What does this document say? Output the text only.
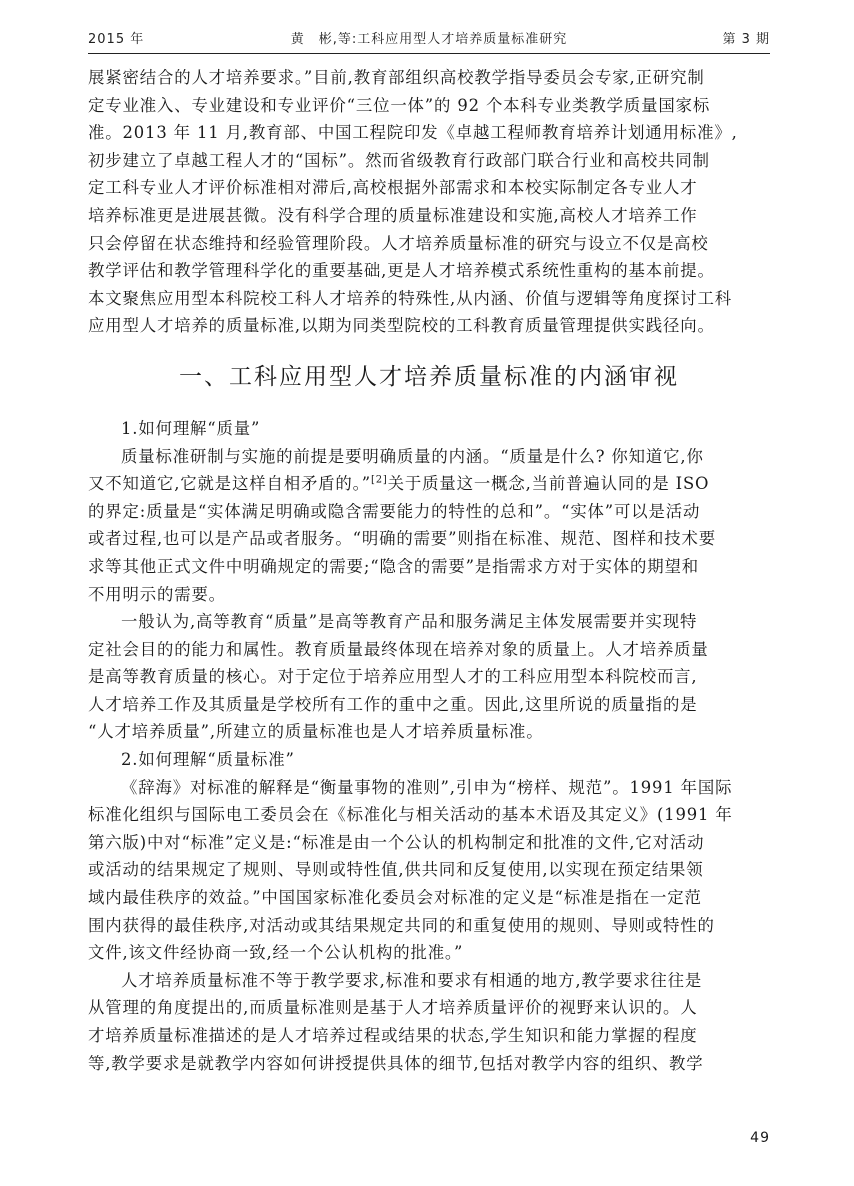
2015 年	黄　彬,等:工科应用型人才培养质量标准研究	第 3 期
展紧密结合的人才培养要求。”目前,教育部组织高校教学指导委员会专家,正研究制
定专业准入、专业建设和专业评价“三位一体”的 92 个本科专业类教学质量国家标
准。2013 年 11 月,教育部、中国工程院印发《卓越工程师教育培养计划通用标准》,
初步建立了卓越工程人才的“国标”。然而省级教育行政部门联合行业和高校共同制
定工科专业人才评价标准相对滞后,高校根据外部需求和本校实际制定各专业人才
培养标准更是进展甚微。没有科学合理的质量标准建设和实施,高校人才培养工作
只会停留在状态维持和经验管理阶段。人才培养质量标准的研究与设立不仅是高校
教学评估和教学管理科学化的重要基础,更是人才培养模式系统性重构的基本前提。
本文聚焦应用型本科院校工科人才培养的特殊性,从内涵、价值与逻辑等角度探讨工科
应用型人才培养的质量标准,以期为同类型院校的工科教育质量管理提供实践径向。
一、工科应用型人才培养质量标准的内涵审视
1.如何理解“质量”
质量标准研制与实施的前提是要明确质量的内涵。“质量是什么? 你知道它,你
又不知道它,它就是这样自相矛盾的。”[2]关于质量这一概念,当前普遍认同的是 ISO
的界定:质量是“实体满足明确或隐含需要能力的特性的总和”。“实体”可以是活动
或者过程,也可以是产品或者服务。“明确的需要”则指在标准、规范、图样和技术要
求等其他正式文件中明确规定的需要;“隐含的需要”是指需求方对于实体的期望和
不用明示的需要。
一般认为,高等教育“质量”是高等教育产品和服务满足主体发展需要并实现特
定社会目的的能力和属性。教育质量最终体现在培养对象的质量上。人才培养质量
是高等教育质量的核心。对于定位于培养应用型人才的工科应用型本科院校而言,
人才培养工作及其质量是学校所有工作的重中之重。因此,这里所说的质量指的是
“人才培养质量”,所建立的质量标准也是人才培养质量标准。
2.如何理解“质量标准”
《辞海》对标准的解释是“衡量事物的准则”,引申为“榜样、规范”。1991 年国际
标准化组织与国际电工委员会在《标准化与相关活动的基本术语及其定义》(1991 年
第六版)中对“标准”定义是:“标准是由一个公认的机构制定和批准的文件,它对活动
或活动的结果规定了规则、导则或特性值,供共同和反复使用,以实现在预定结果领
域内最佳秩序的效益。”中国国家标准化委员会对标准的定义是“标准是指在一定范
围内获得的最佳秩序,对活动或其结果规定共同的和重复使用的规则、导则或特性的
文件,该文件经协商一致,经一个公认机构的批准。”
人才培养质量标准不等于教学要求,标准和要求有相通的地方,教学要求往往是
从管理的角度提出的,而质量标准则是基于人才培养质量评价的视野来认识的。人
才培养质量标准描述的是人才培养过程或结果的状态,学生知识和能力掌握的程度
等,教学要求是就教学内容如何讲授提供具体的细节,包括对教学内容的组织、教学
49
